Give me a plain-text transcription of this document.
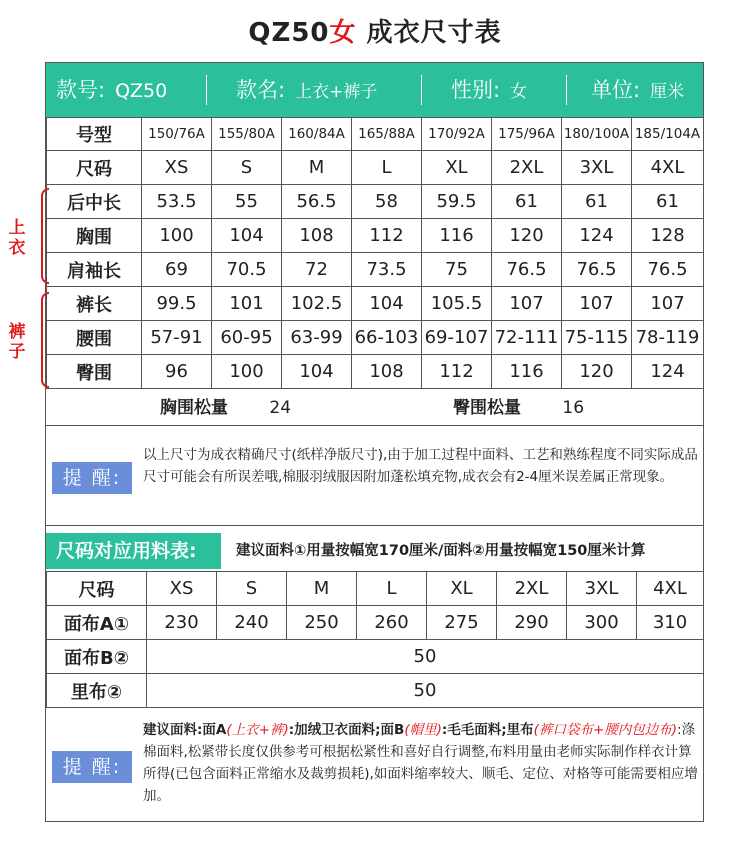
QZ50女 成衣尺寸表
款号: QZ50	款名: 上衣+裤子	性别: 女	单位: 厘米
号型	150/76A	155/80A	160/84A	165/88A	170/92A	175/96A	180/100A	185/104A
尺码	XS	S	M	L	XL	2XL	3XL	4XL
后中长	53.5	55	56.5	58	59.5	61	61	61
胸围	100	104	108	112	116	120	124	128
肩袖长	69	70.5	72	73.5	75	76.5	76.5	76.5
裤长	99.5	101	102.5	104	105.5	107	107	107
腰围	57-91	60-95	63-99	66-103	69-107	72-111	75-115	78-119
臀围	96	100	104	108	112	116	120	124
上衣
裤子
胸围松量 24	臀围松量 16
提 醒:
以上尺寸为成衣精确尺寸(纸样净版尺寸),由于加工过程中面料、工艺和熟练程度不同实际成品尺寸可能会有所误差哦,棉服羽绒服因附加蓬松填充物,成衣会有2-4厘米误差属正常现象。
尺码对应用料表:	建议面料①用量按幅宽170厘米/面料②用量按幅宽150厘米计算
尺码	XS	S	M	L	XL	2XL	3XL	4XL
面布A①	230	240	250	260	275	290	300	310
面布B②	50							
里布②	50							
提 醒:
建议面料:面A(上衣+裤):加绒卫衣面料;面B(帽里):毛毛面料;里布(裤口袋布+腰内包边布):涤棉面料,松紧带长度仅供参考可根据松紧性和喜好自行调整,布料用量由老师实际制作样衣计算所得(已包含面料正常缩水及裁剪损耗),如面料缩率较大、顺毛、定位、对格等可能需要相应增加。
